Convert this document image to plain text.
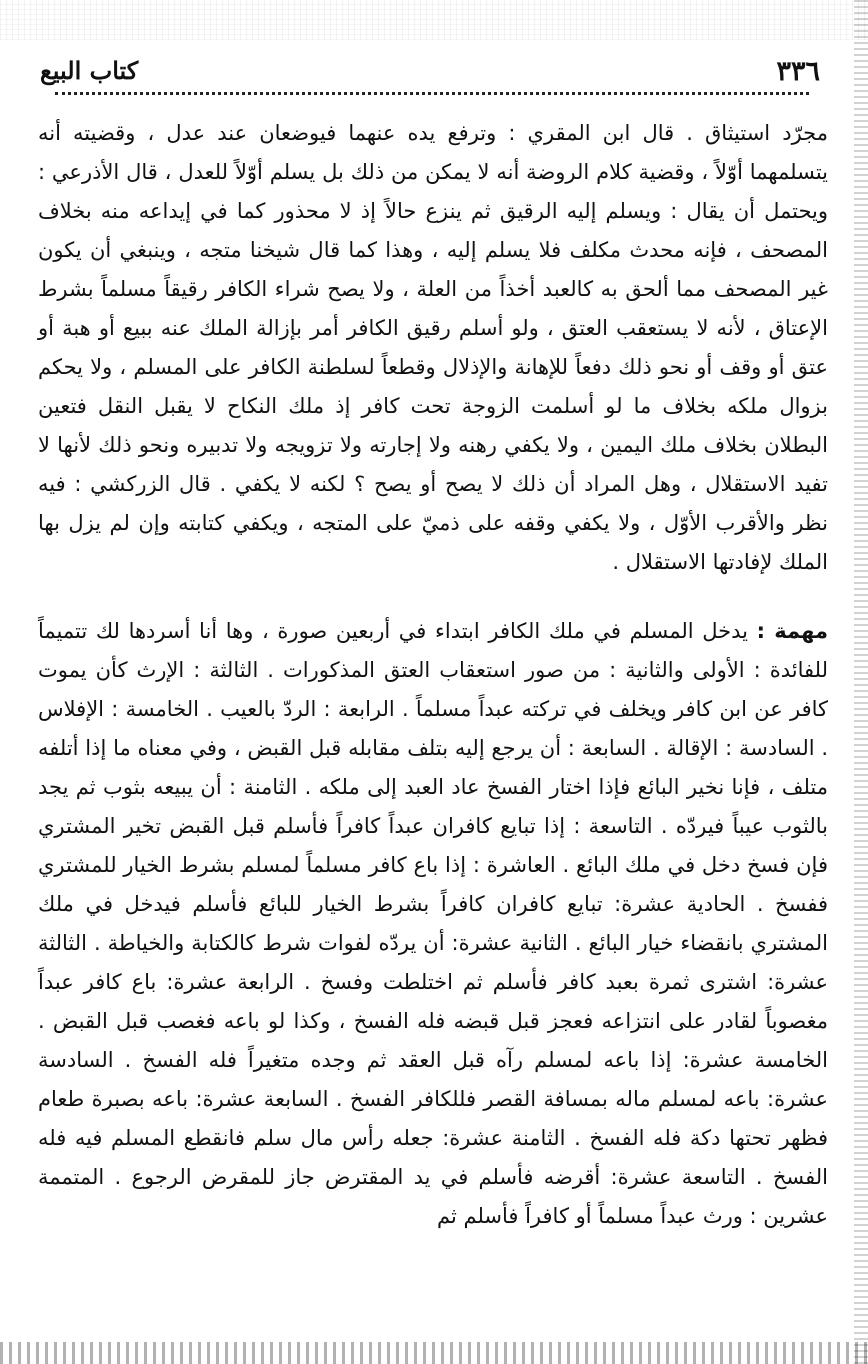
٣٣٦
كتاب البيع

مجرّد استيثاق . قال ابن المقري : وترفع يده عنهما فيوضعان عند عدل ، وقضيته أنه يتسلمهما أوّلاً ، وقضية كلام الروضة أنه لا يمكن من ذلك بل يسلم أوّلاً للعدل ، قال الأذرعي : ويحتمل أن يقال : ويسلم إليه الرقيق ثم ينزع حالاً إذ لا محذور كما في إيداعه منه بخلاف المصحف ، فإنه محدث مكلف فلا يسلم إليه ، وهذا كما قال شيخنا متجه ، وينبغي أن يكون غير المصحف مما ألحق به كالعبد أخذاً من العلة ، ولا يصح شراء الكافر رقيقاً مسلماً بشرط الإعتاق ، لأنه لا يستعقب العتق ، ولو أسلم رقيق الكافر أمر بإزالة الملك عنه ببيع أو هبة أو عتق أو وقف أو نحو ذلك دفعاً للإهانة والإذلال وقطعاً لسلطنة الكافر على المسلم ، ولا يحكم بزوال ملكه بخلاف ما لو أسلمت الزوجة تحت كافر إذ ملك النكاح لا يقبل النقل فتعين البطلان بخلاف ملك اليمين ، ولا يكفي رهنه ولا إجارته ولا تزويجه ولا تدبيره ونحو ذلك لأنها لا تفيد الاستقلال ، وهل المراد أن ذلك لا يصح أو يصح ؟ لكنه لا يكفي . قال الزركشي : فيه نظر والأقرب الأوّل ، ولا يكفي وقفه على ذميّ على المتجه ، ويكفي كتابته وإن لم يزل بها الملك لإفادتها الاستقلال .

مهمة : يدخل المسلم في ملك الكافر ابتداء في أربعين صورة ، وها أنا أسردها لك تتميماً للفائدة : الأولى والثانية : من صور استعقاب العتق المذكورات . الثالثة : الإرث كأن يموت كافر عن ابن كافر ويخلف في تركته عبداً مسلماً . الرابعة : الردّ بالعيب . الخامسة : الإفلاس . السادسة : الإقالة . السابعة : أن يرجع إليه بتلف مقابله قبل القبض ، وفي معناه ما إذا أتلفه متلف ، فإنا نخير البائع فإذا اختار الفسخ عاد العبد إلى ملكه . الثامنة : أن يبيعه بثوب ثم يجد بالثوب عيباً فيردّه . التاسعة : إذا تبايع كافران عبداً كافراً فأسلم قبل القبض تخير المشتري فإن فسخ دخل في ملك البائع . العاشرة : إذا باع كافر مسلماً لمسلم بشرط الخيار للمشتري ففسخ . الحادية عشرة: تبايع كافران كافراً بشرط الخيار للبائع فأسلم فيدخل في ملك المشتري بانقضاء خيار البائع . الثانية عشرة: أن يردّه لفوات شرط كالكتابة والخياطة . الثالثة عشرة: اشترى ثمرة بعبد كافر فأسلم ثم اختلطت وفسخ . الرابعة عشرة: باع كافر عبداً مغصوباً لقادر على انتزاعه فعجز قبل قبضه فله الفسخ ، وكذا لو باعه فغصب قبل القبض . الخامسة عشرة: إذا باعه لمسلم رآه قبل العقد ثم وجده متغيراً فله الفسخ . السادسة عشرة: باعه لمسلم ماله بمسافة القصر فللكافر الفسخ . السابعة عشرة: باعه بصبرة طعام فظهر تحتها دكة فله الفسخ . الثامنة عشرة: جعله رأس مال سلم فانقطع المسلم فيه فله الفسخ . التاسعة عشرة: أقرضه فأسلم في يد المقترض جاز للمقرض الرجوع . المتممة عشرين : ورث عبداً مسلماً أو كافراً فأسلم ثم
